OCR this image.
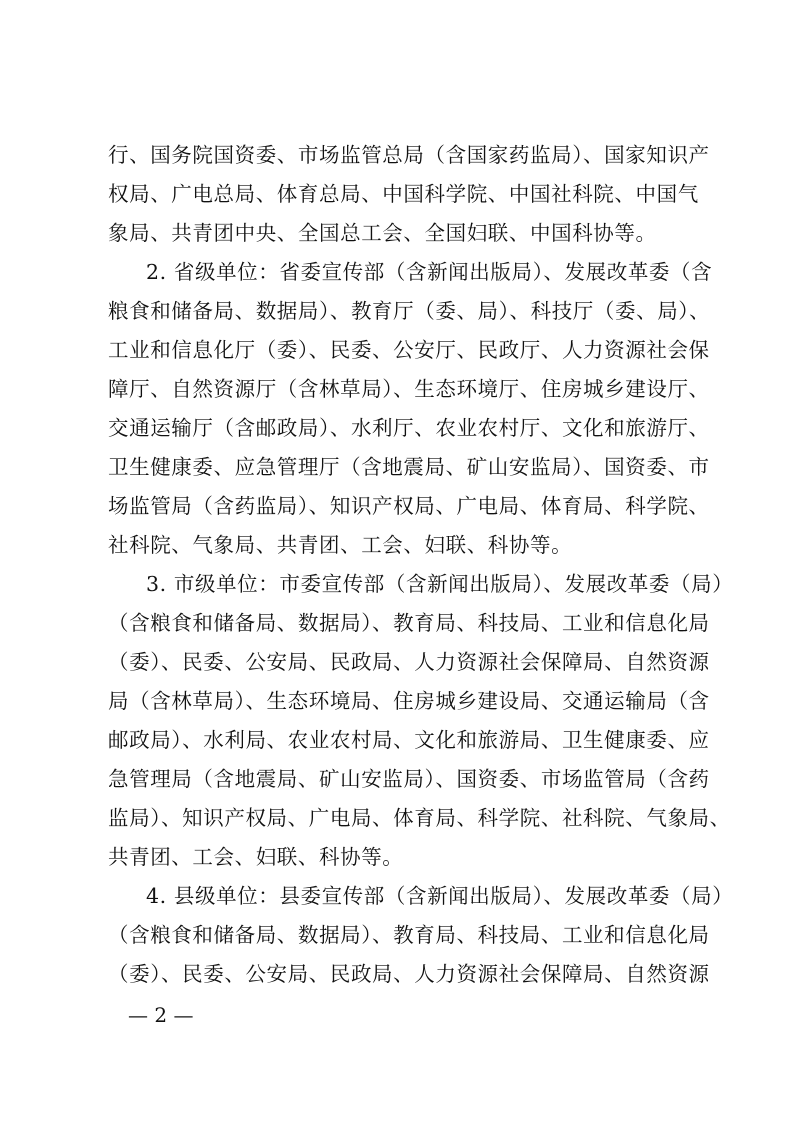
行、国务院国资委、市场监管总局（含国家药监局）、国家知识产
权局、广电总局、体育总局、中国科学院、中国社科院、中国气
象局、共青团中央、全国总工会、全国妇联、中国科协等。
2. 省级单位：省委宣传部（含新闻出版局）、发展改革委（含
粮食和储备局、数据局）、教育厅（委、局）、科技厅（委、局）、
工业和信息化厅（委）、民委、公安厅、民政厅、人力资源社会保
障厅、自然资源厅（含林草局）、生态环境厅、住房城乡建设厅、
交通运输厅（含邮政局）、水利厅、农业农村厅、文化和旅游厅、
卫生健康委、应急管理厅（含地震局、矿山安监局）、国资委、市
场监管局（含药监局）、知识产权局、广电局、体育局、科学院、
社科院、气象局、共青团、工会、妇联、科协等。
3. 市级单位：市委宣传部（含新闻出版局）、发展改革委（局）
（含粮食和储备局、数据局）、教育局、科技局、工业和信息化局
（委）、民委、公安局、民政局、人力资源社会保障局、自然资源
局（含林草局）、生态环境局、住房城乡建设局、交通运输局（含
邮政局）、水利局、农业农村局、文化和旅游局、卫生健康委、应
急管理局（含地震局、矿山安监局）、国资委、市场监管局（含药
监局）、知识产权局、广电局、体育局、科学院、社科院、气象局、
共青团、工会、妇联、科协等。
4. 县级单位：县委宣传部（含新闻出版局）、发展改革委（局）
（含粮食和储备局、数据局）、教育局、科技局、工业和信息化局
（委）、民委、公安局、民政局、人力资源社会保障局、自然资源
— 2 —
